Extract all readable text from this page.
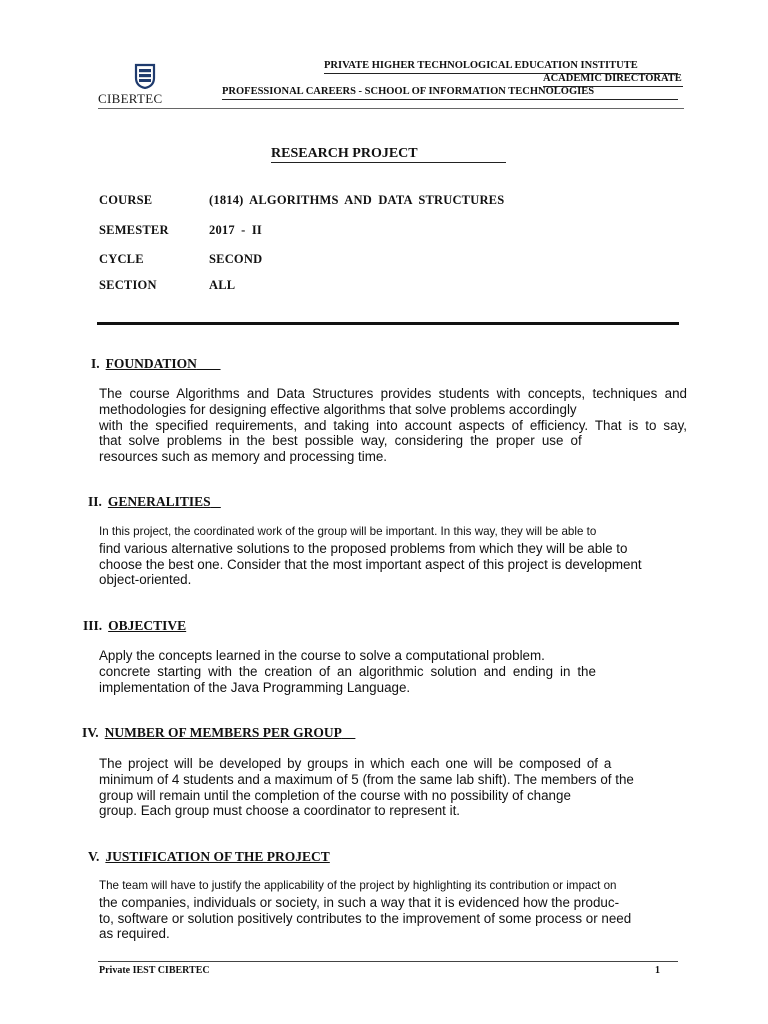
CIBERTEC
PRIVATE HIGHER TECHNOLOGICAL EDUCATION INSTITUTE
ACADEMIC DIRECTORATE
PROFESSIONAL CAREERS - SCHOOL OF INFORMATION TECHNOLOGIES
RESEARCH PROJECT
COURSE	(1814) ALGORITHMS AND DATA STRUCTURES
SEMESTER	2017 - II
CYCLE	SECOND
SECTION	ALL
I. FOUNDATION
The course Algorithms and Data Structures provides students with concepts, techniques and
methodologies for designing effective algorithms that solve problems accordingly
with the specified requirements, and taking into account aspects of efficiency. That is to say,
that solve problems in the best possible way, considering the proper use of
resources such as memory and processing time.
II. GENERALITIES
In this project, the coordinated work of the group will be important. In this way, they will be able to
find various alternative solutions to the proposed problems from which they will be able to
choose the best one. Consider that the most important aspect of this project is development
object-oriented.
III. OBJECTIVE
Apply the concepts learned in the course to solve a computational problem.
concrete starting with the creation of an algorithmic solution and ending in the
implementation of the Java Programming Language.
IV. NUMBER OF MEMBERS PER GROUP
The project will be developed by groups in which each one will be composed of a
minimum of 4 students and a maximum of 5 (from the same lab shift). The members of the
group will remain until the completion of the course with no possibility of change
group. Each group must choose a coordinator to represent it.
V. JUSTIFICATION OF THE PROJECT
The team will have to justify the applicability of the project by highlighting its contribution or impact on
the companies, individuals or society, in such a way that it is evidenced how the produc-
to, software or solution positively contributes to the improvement of some process or need
as required.
Private IEST CIBERTEC	1
